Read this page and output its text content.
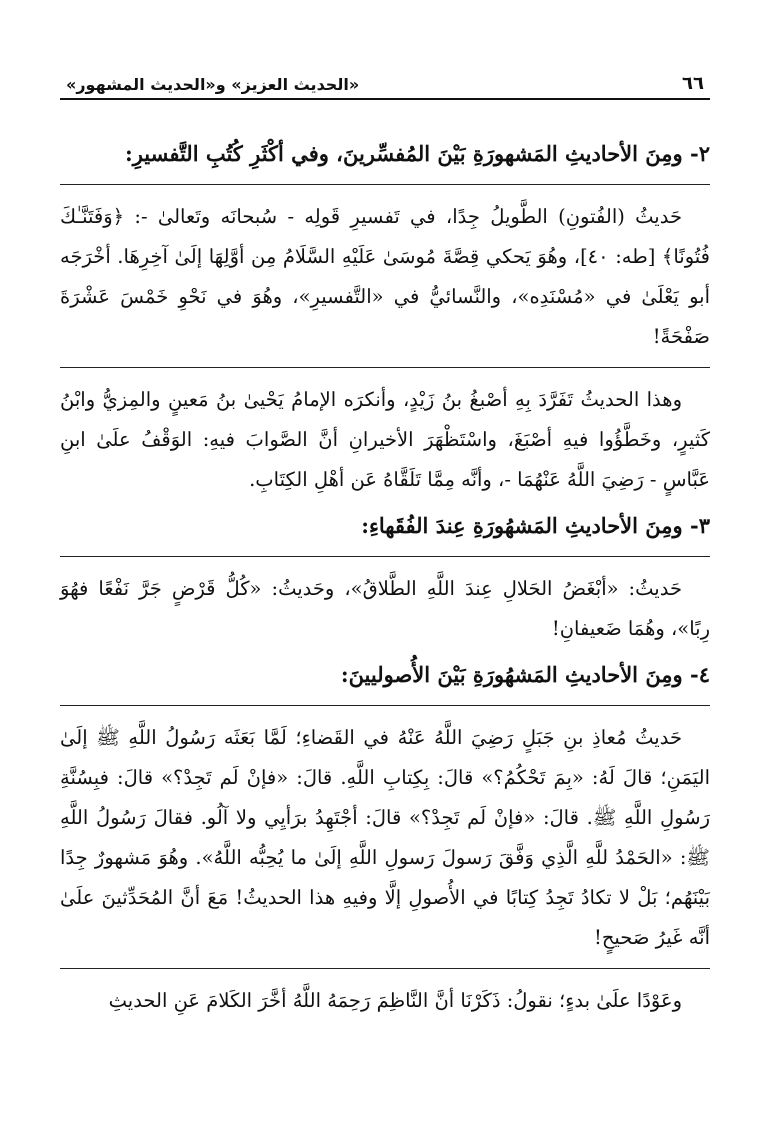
٦٦
«الحديث العزيز» و«الحديث المشهور»

٢- ومِنَ الأحاديثِ المَشهورَةِ بَيْنَ المُفسِّرينَ، وفي أكْثَرِ كُتُبِ التَّفسيرِ:

حَديثُ (الفُتونِ) الطَّويلُ جِدًا، في تَفسيرِ قَولِه - سُبحانَه وتَعالىٰ -: ﴿وَفَتَنَّـٰكَ فُتُونًا﴾ [طه: ٤٠]، وهُوَ يَحكي قِصَّةَ مُوسَىٰ عَلَيْهِ السَّلَامُ مِن أوَّلِهَا إلَىٰ آخِرِهَا. أخْرَجَه أبو يَعْلَىٰ في «مُسْنَدِه»، والنَّسائيُّ في «التَّفسيرِ»، وهُوَ في نَحْوِ خَمْسَ عَشْرَةَ صَفْحَةً!

وهذا الحديثُ تَفَرَّدَ بِهِ أصْبغُ بنُ زَيْدٍ، وأنكرَه الإمامُ يَحْيىٰ بنُ مَعينٍ والمِزيُّ وابْنُ كَثيرٍ، وخَطَّؤُوا فيهِ أصْبَغَ، واسْتَظْهَرَ الأخيرانِ أنَّ الصَّوابَ فيهِ: الوَقْفُ علَىٰ ابنِ عَبَّاسٍ - رَضِيَ اللَّهُ عَنْهُمَا -، وأنَّه مِمَّا تَلَقَّاهُ عَن أهْلِ الكِتَابِ.

٣- ومِنَ الأحاديثِ المَشهُورَةِ عِندَ الفُقَهاءِ:

حَديثُ: «أبْغَضُ الحَلالِ عِندَ اللَّهِ الطَّلاقُ»، وحَديثُ: «كُلُّ قَرْضٍ جَرَّ نَفْعًا فهُوَ رِبًا»، وهُمَا ضَعيفانِ!

٤- ومِنَ الأحاديثِ المَشهُورَةِ بَيْنَ الأُصوليينَ:

حَديثُ مُعاذِ بنِ جَبَلٍ رَضِيَ اللَّهُ عَنْهُ في القَضاءِ؛ لَمَّا بَعَثَه رَسُولُ اللَّهِ ﷺ إلَىٰ اليَمَنِ؛ قالَ لَهُ: «بِمَ تَحْكُمُ؟» قالَ: بِكِتابِ اللَّهِ. قالَ: «فإنْ لَم تَجِدْ؟» قالَ: فبِسُنَّةِ رَسُولِ اللَّهِ ﷺ. قالَ: «فإنْ لَم تَجِدْ؟» قالَ: أجْتَهِدُ برَأيِي ولا آلُو. فقالَ رَسُولُ اللَّهِ ﷺ: «الحَمْدُ للَّهِ الَّذِي وَفَّقَ رَسولَ رَسولِ اللَّهِ إلَىٰ ما يُحِبُّه اللَّهُ». وهُوَ مَشهورٌ جِدًا بَيْنَهُم؛ بَلْ لا تكادُ تَجِدُ كِتابًا في الأُصولِ إلَّا وفيهِ هذا الحديثُ! مَعَ أنَّ المُحَدِّثينَ علَىٰ أنَّه غَيرُ صَحيحٍ!

وعَوْدًا علَىٰ بدءٍ؛ نقولُ: ذَكَرْنَا أنَّ النَّاظِمَ رَحِمَهُ اللَّهُ أخَّرَ الكَلامَ عَنِ الحديثِ
